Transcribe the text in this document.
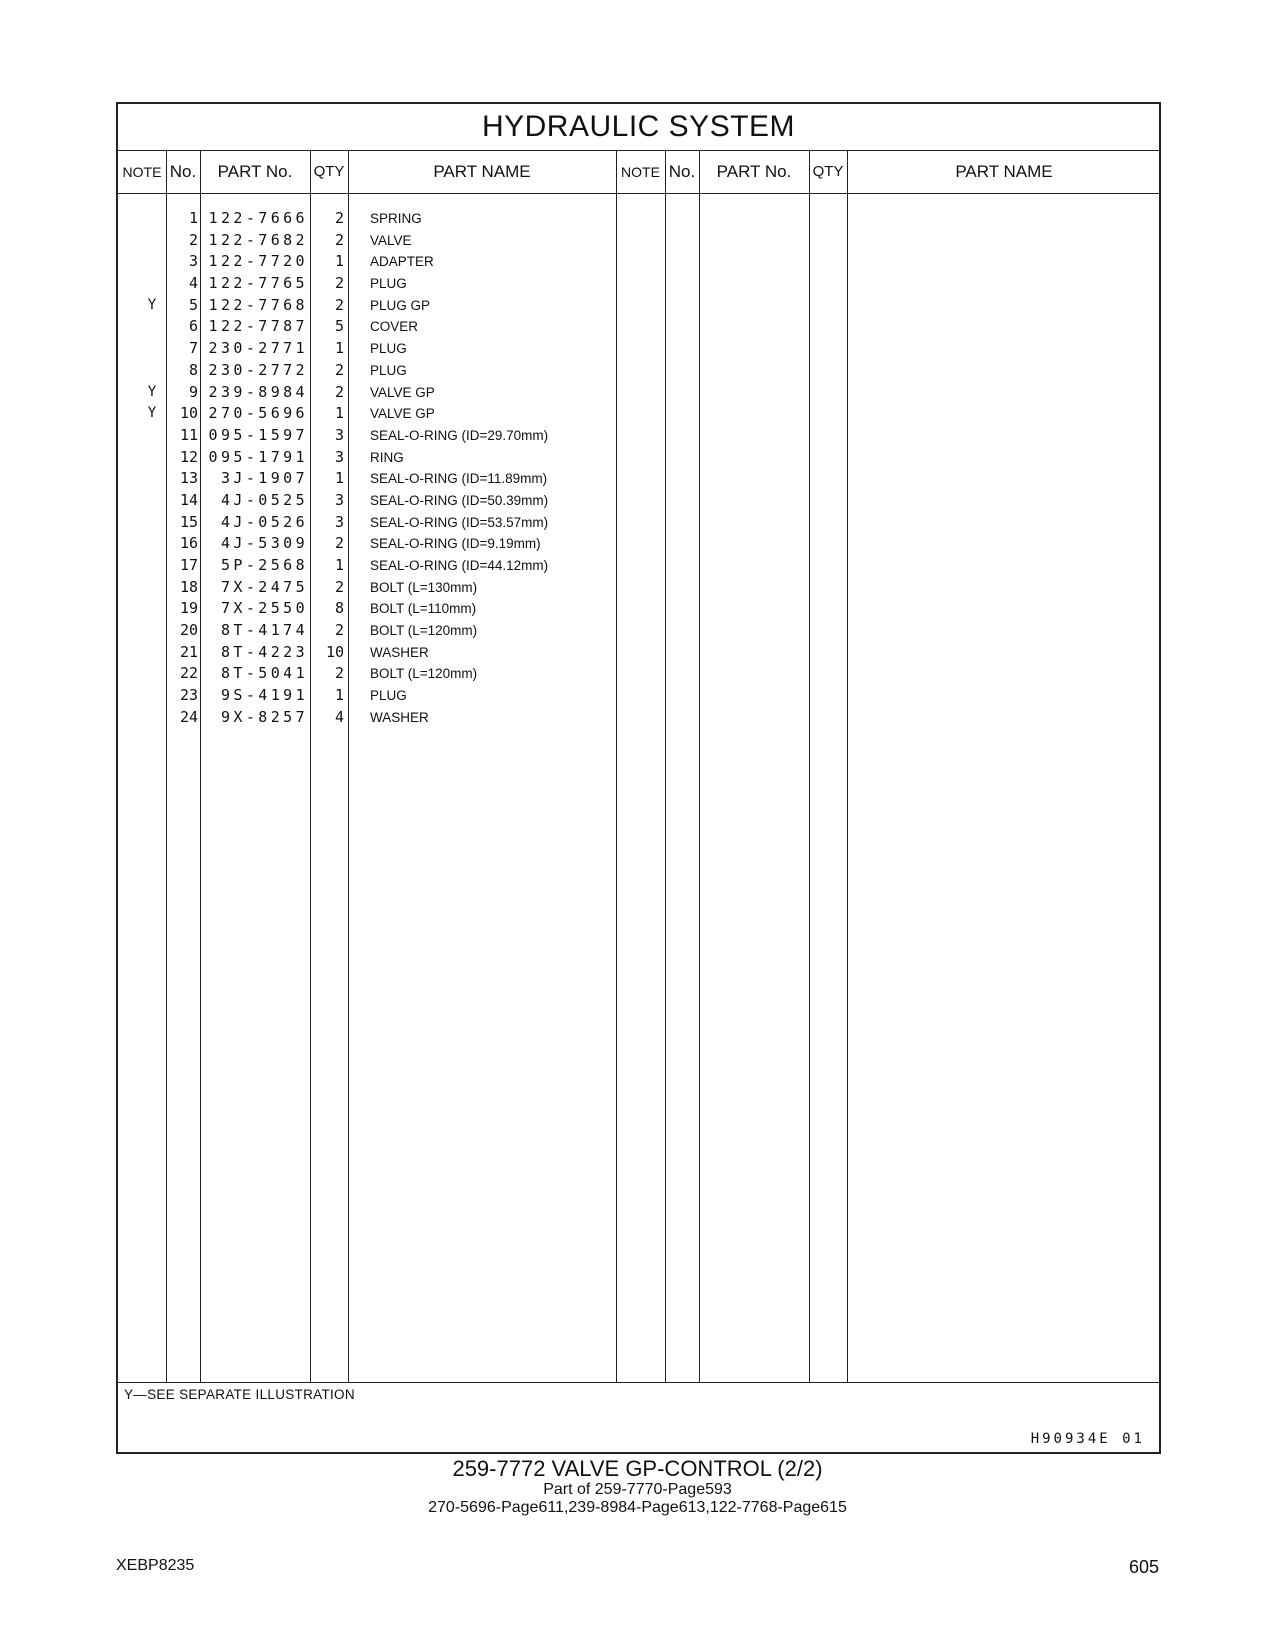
HYDRAULIC SYSTEM
NOTE No.	PART No.	QTY	PART NAME	NOTE No.	PART No.	QTY	PART NAME
1 122-7666	2 SPRING
2 122-7682	2 VALVE
3 122-7720	1 ADAPTER
4 122-7765	2 PLUG
Y	5 122-7768	2 PLUG GP
6 122-7787	5 COVER
7 230-2771	1 PLUG
8 230-2772	2 PLUG
Y	9 239-8984	2 VALVE GP
Y	10 270-5696	1 VALVE GP
11 095-1597	3 SEAL-O-RING (ID=29.70mm)
12 095-1791	3 RING
13	3J-1907	1 SEAL-O-RING (ID=11.89mm)
14	4J-0525	3 SEAL-O-RING (ID=50.39mm)
15	4J-0526	3 SEAL-O-RING (ID=53.57mm)
16	4J-5309	2 SEAL-O-RING (ID=9.19mm)
17	5P-2568	1 SEAL-O-RING (ID=44.12mm)
18	7X-2475	2 BOLT (L=130mm)
19	7X-2550	8 BOLT (L=110mm)
20	8T-4174	2 BOLT (L=120mm)
21	8T-4223	10 WASHER
22	8T-5041	2 BOLT (L=120mm)
23	9S-4191	1 PLUG
24	9X-8257	4 WASHER
Y—SEE SEPARATE ILLUSTRATION
H90934E 01
259-7772 VALVE GP-CONTROL (2/2)
Part of 259-7770-Page593
270-5696-Page611,239-8984-Page613,122-7768-Page615
XEBP8235	605
